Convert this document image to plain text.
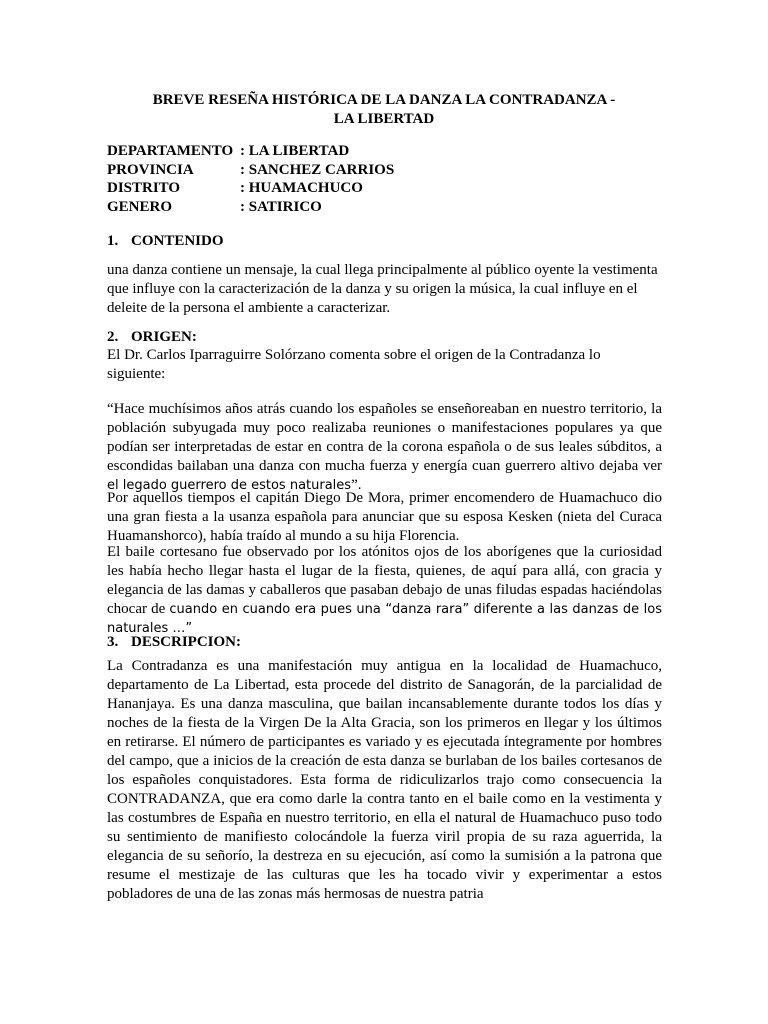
BREVE RESEÑA HISTÓRICA DE LA DANZA LA CONTRADANZA -
LA LIBERTAD
DEPARTAMENTO : LA LIBERTAD
PROVINCIA	: SANCHEZ CARRIOS
DISTRITO	: HUAMACHUCO
GENERO	: SATIRICO
1. CONTENIDO
una danza contiene un mensaje, la cual llega principalmente al público oyente la vestimenta que influye con la caracterización de la danza y su origen la música, la cual influye en el deleite de la persona el ambiente a caracterizar.
2. ORIGEN:
El Dr. Carlos Iparraguirre Solórzano comenta sobre el origen de la Contradanza lo siguiente:
“Hace muchísimos años atrás cuando los españoles se enseñoreaban en nuestro territorio, la población subyugada muy poco realizaba reuniones o manifestaciones populares ya que podían ser interpretadas de estar en contra de la corona española o de sus leales súbditos, a escondidas bailaban una danza con mucha fuerza y energía cuan guerrero altivo dejaba ver el legado guerrero de estos naturales”.
Por aquellos tiempos el capitán Diego De Mora, primer encomendero de Huamachuco dio una gran fiesta a la usanza española para anunciar que su esposa Kesken (nieta del Curaca Huamanshorco), había traído al mundo a su hija Florencia.
El baile cortesano fue observado por los atónitos ojos de los aborígenes que la curiosidad les había hecho llegar hasta el lugar de la fiesta, quienes, de aquí para allá, con gracia y elegancia de las damas y caballeros que pasaban debajo de unas filudas espadas haciéndolas chocar de cuando en cuando era pues una “danza rara” diferente a las danzas de los naturales …”
3. DESCRIPCION:
La Contradanza es una manifestación muy antigua en la localidad de Huamachuco, departamento de La Libertad, esta procede del distrito de Sanagorán, de la parcialidad de Hananjaya. Es una danza masculina, que bailan incansablemente durante todos los días y noches de la fiesta de la Virgen De la Alta Gracia, son los primeros en llegar y los últimos en retirarse. El número de participantes es variado y es ejecutada íntegramente por hombres del campo, que a inicios de la creación de esta danza se burlaban de los bailes cortesanos de los españoles conquistadores. Esta forma de ridiculizarlos trajo como consecuencia la CONTRADANZA, que era como darle la contra tanto en el baile como en la vestimenta y las costumbres de España en nuestro territorio, en ella el natural de Huamachuco puso todo su sentimiento de manifiesto colocándole la fuerza viril propia de su raza aguerrida, la elegancia de su señorío, la destreza en su ejecución, así como la sumisión a la patrona que resume el mestizaje de las culturas que les ha tocado vivir y experimentar a estos pobladores de una de las zonas más hermosas de nuestra patria
